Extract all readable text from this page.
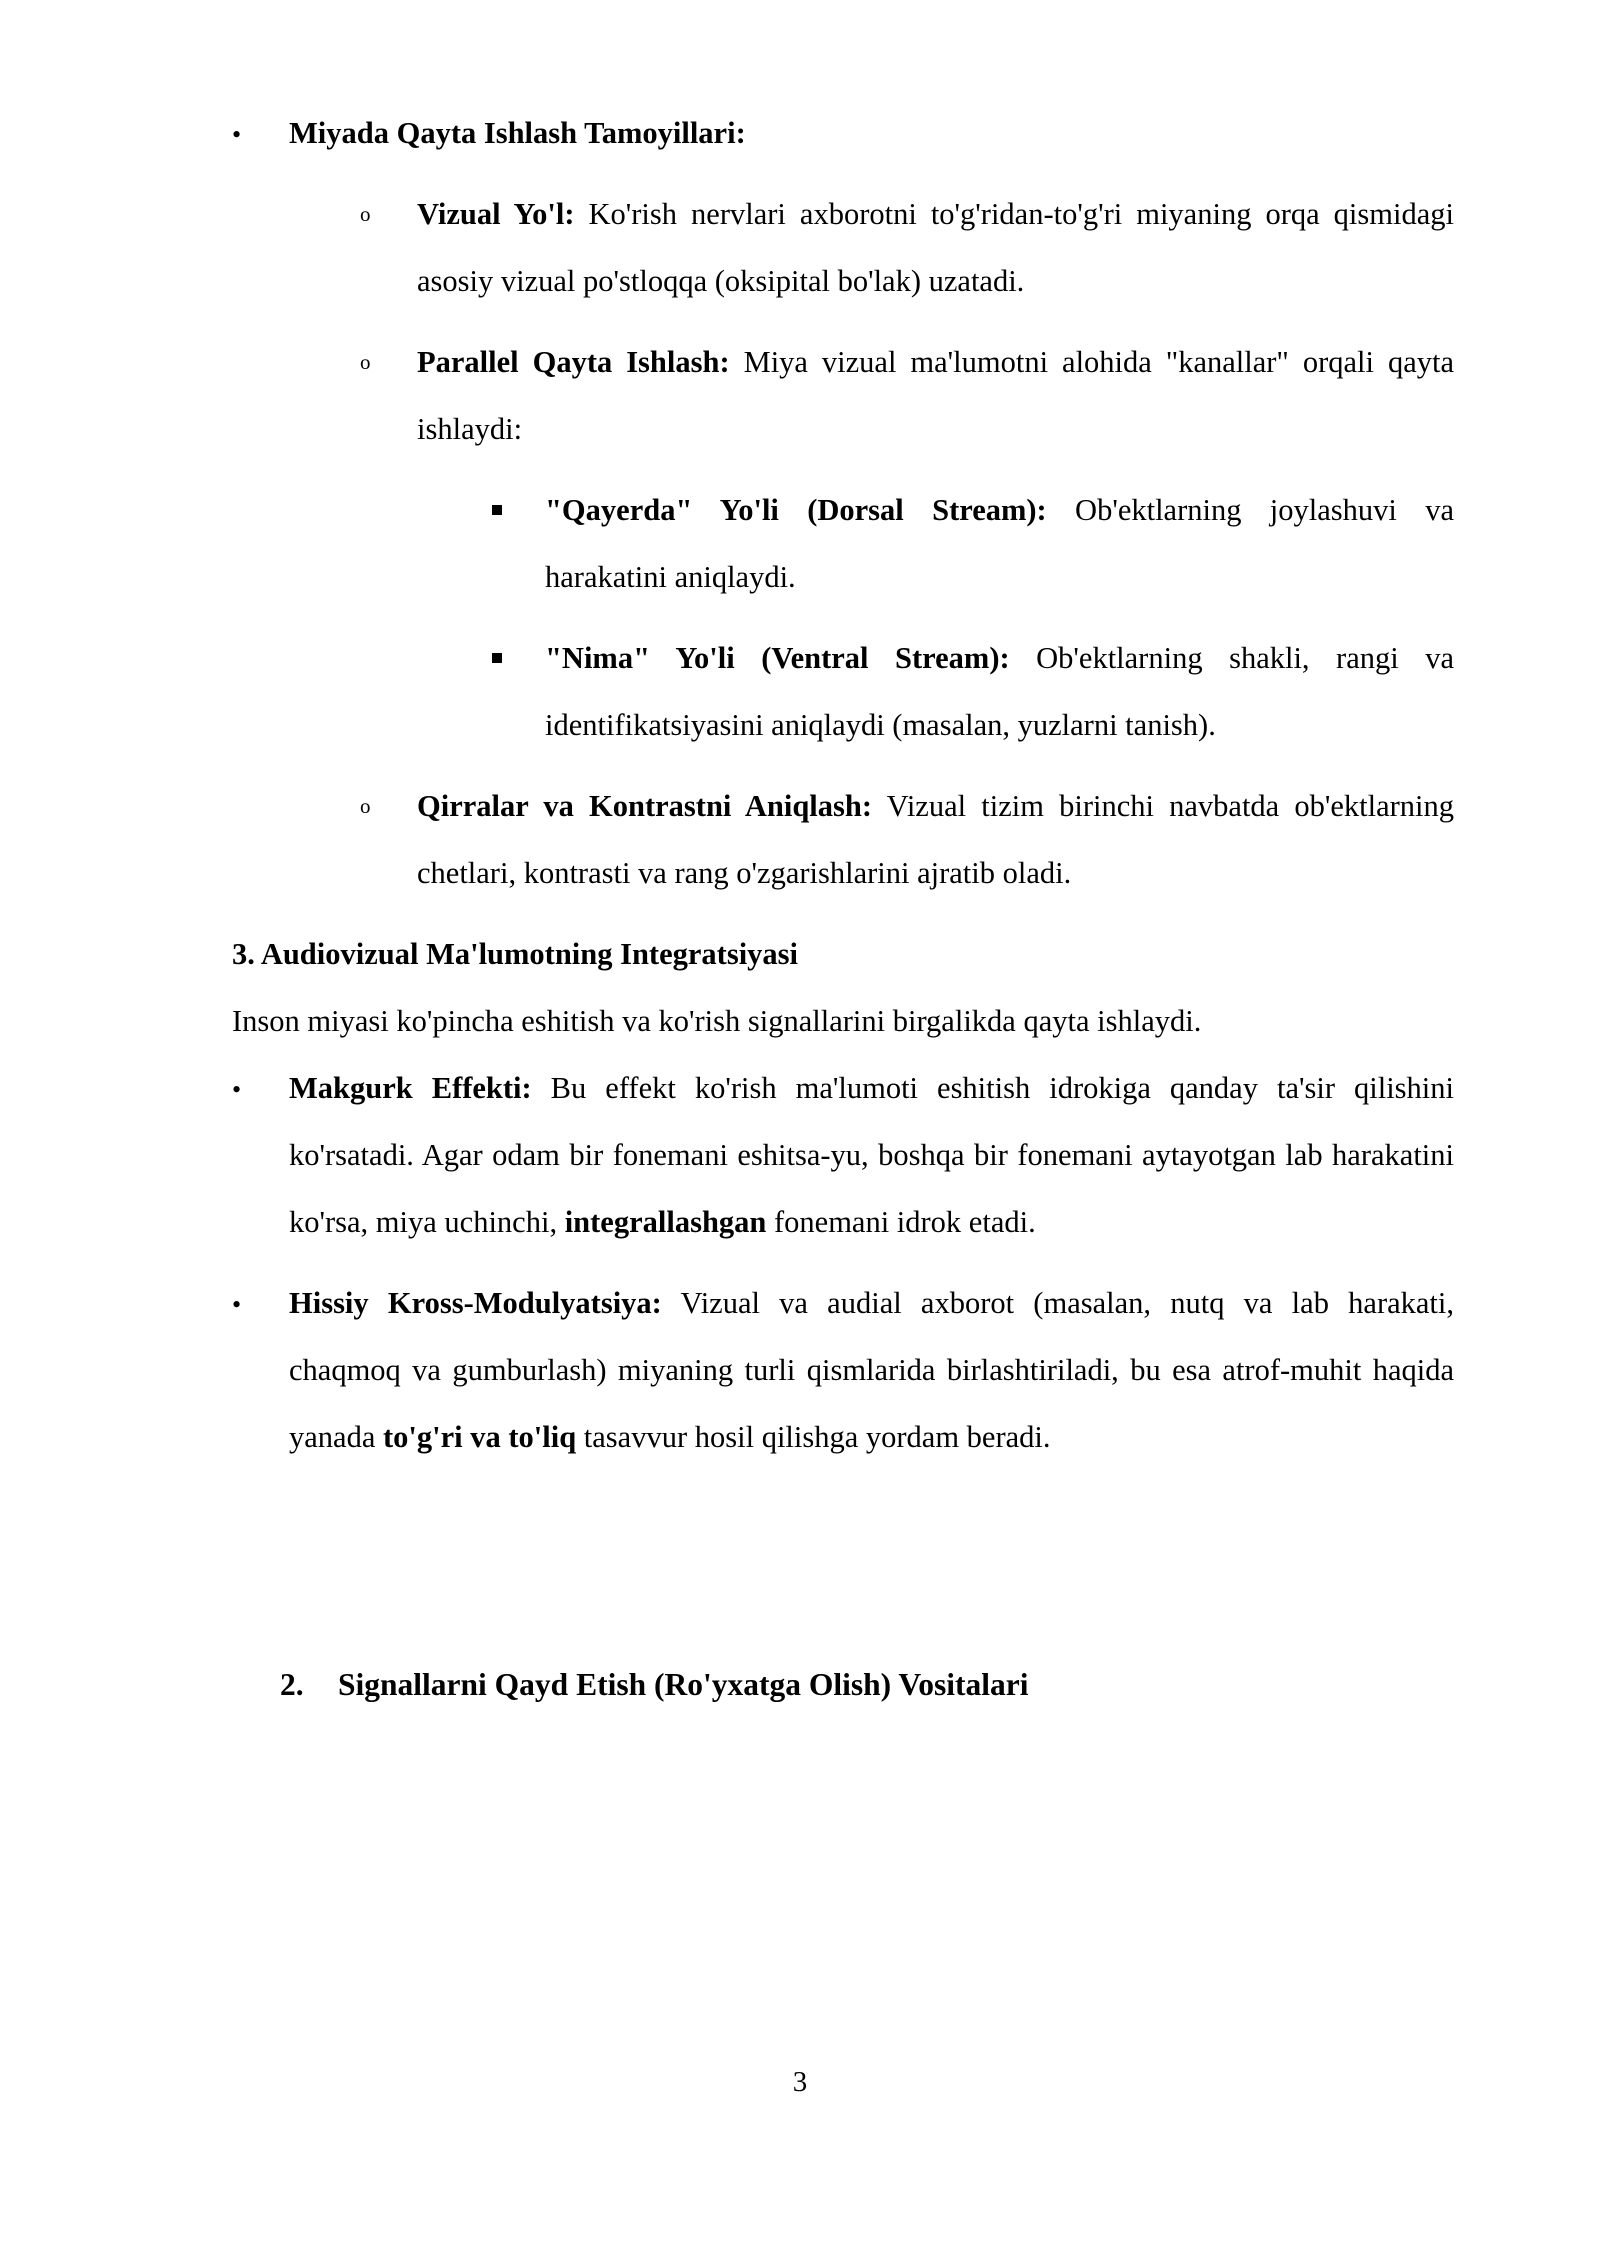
•
Miyada Qayta Ishlash Tamoyillari:
o
Vizual Yo'l: Ko'rish nervlari axborotni to'g'ridan-to'g'ri miyaning orqa qismidagi asosiy vizual po'stloqqa (oksipital bo'lak) uzatadi.
o
Parallel Qayta Ishlash: Miya vizual ma'lumotni alohida "kanallar" orqali qayta ishlaydi:
"Qayerda" Yo'li (Dorsal Stream): Ob'ektlarning joylashuvi va harakatini aniqlaydi.
"Nima" Yo'li (Ventral Stream): Ob'ektlarning shakli, rangi va identifikatsiyasini aniqlaydi (masalan, yuzlarni tanish).
o
Qirralar va Kontrastni Aniqlash: Vizual tizim birinchi navbatda ob'ektlarning chetlari, kontrasti va rang o'zgarishlarini ajratib oladi.
3. Audiovizual Ma'lumotning Integratsiyasi
Inson miyasi ko'pincha eshitish va ko'rish signallarini birgalikda qayta ishlaydi.
•
Makgurk Effekti: Bu effekt ko'rish ma'lumoti eshitish idrokiga qanday ta'sir qilishini ko'rsatadi. Agar odam bir fonemani eshitsa-yu, boshqa bir fonemani aytayotgan lab harakatini ko'rsa, miya uchinchi, integrallashgan fonemani idrok etadi.
•
Hissiy Kross-Modulyatsiya: Vizual va audial axborot (masalan, nutq va lab harakati, chaqmoq va gumburlash) miyaning turli qismlarida birlashtiriladi, bu esa atrof-muhit haqida yanada to'g'ri va to'liq tasavvur hosil qilishga yordam beradi.
2. Signallarni Qayd Etish (Ro'yxatga Olish) Vositalari
3
